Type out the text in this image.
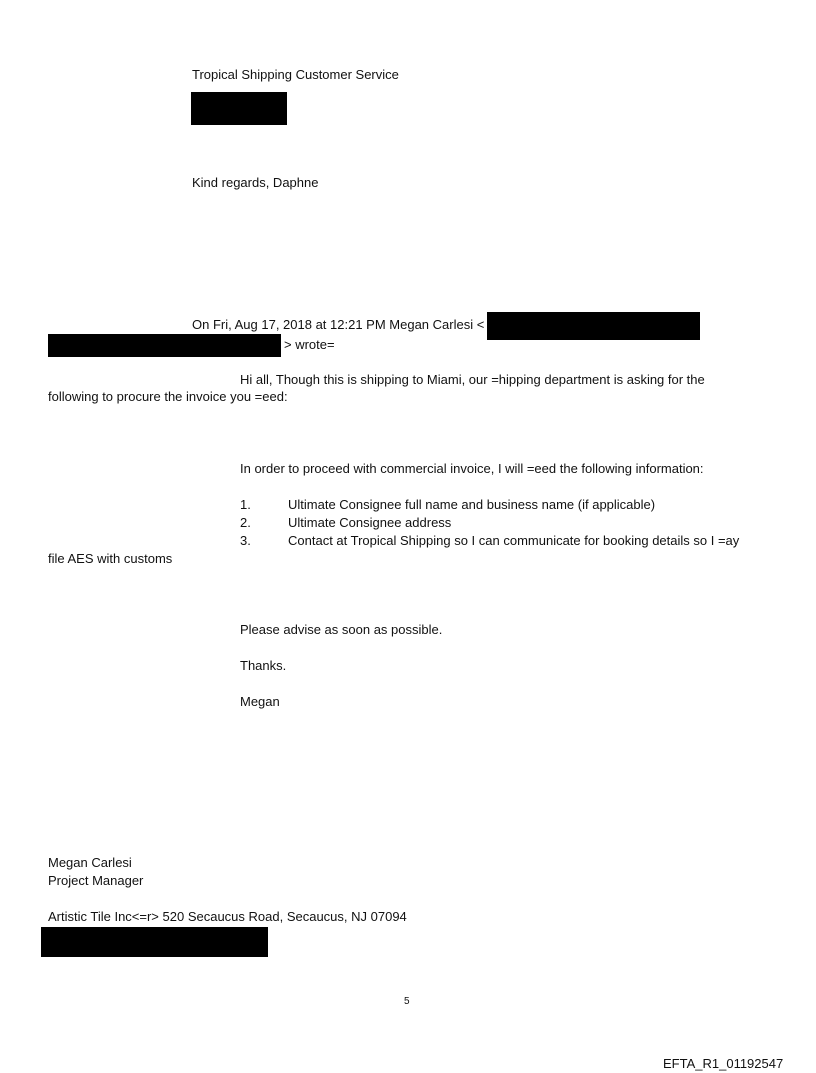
Tropical Shipping Customer Service
Kind regards, Daphne
On Fri, Aug 17, 2018 at 12:21 PM Megan Carlesi <
> wrote=
Hi all, Though this is shipping to Miami, our =hipping department is asking for the
following to procure the invoice you =eed:
In order to proceed with commercial invoice, I will =eed the following information:
1.	Ultimate Consignee full name and business name (if applicable)
2.	Ultimate Consignee address
3.	Contact at Tropical Shipping so I can communicate for booking details so I =ay
file AES with customs
Please advise as soon as possible.
Thanks.
Megan
Megan Carlesi
Project Manager
Artistic Tile Inc<=r> 520 Secaucus Road, Secaucus, NJ 07094
5
EFTA_R1_01192547
